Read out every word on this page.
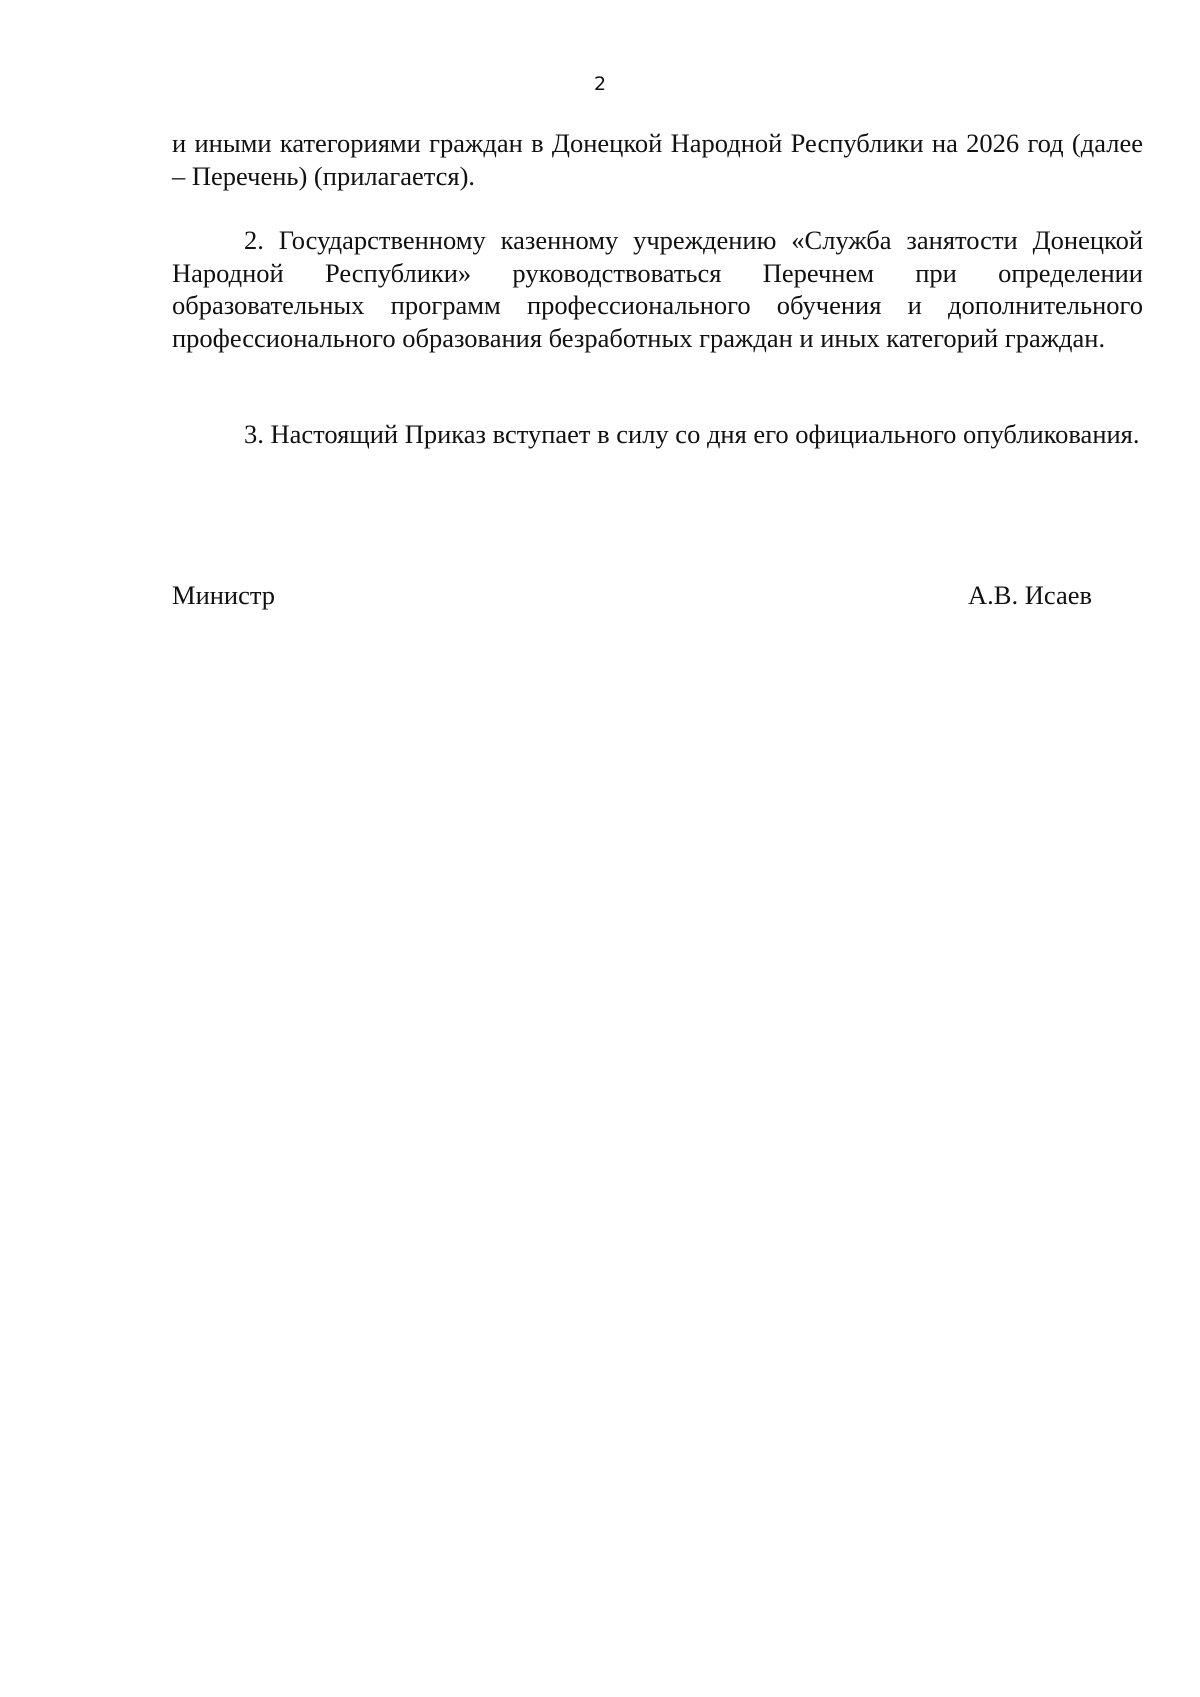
2

и иными категориями граждан в Донецкой Народной Республики на 2026 год (далее – Перечень) (прилагается).

2. Государственному казенному учреждению «Служба занятости Донецкой Народной Республики» руководствоваться Перечнем при определении образовательных программ профессионального обучения и дополнительного профессионального образования безработных граждан и иных категорий граждан.

3. Настоящий Приказ вступает в силу со дня его официального опубликования.

Министр	А.В. Исаев
